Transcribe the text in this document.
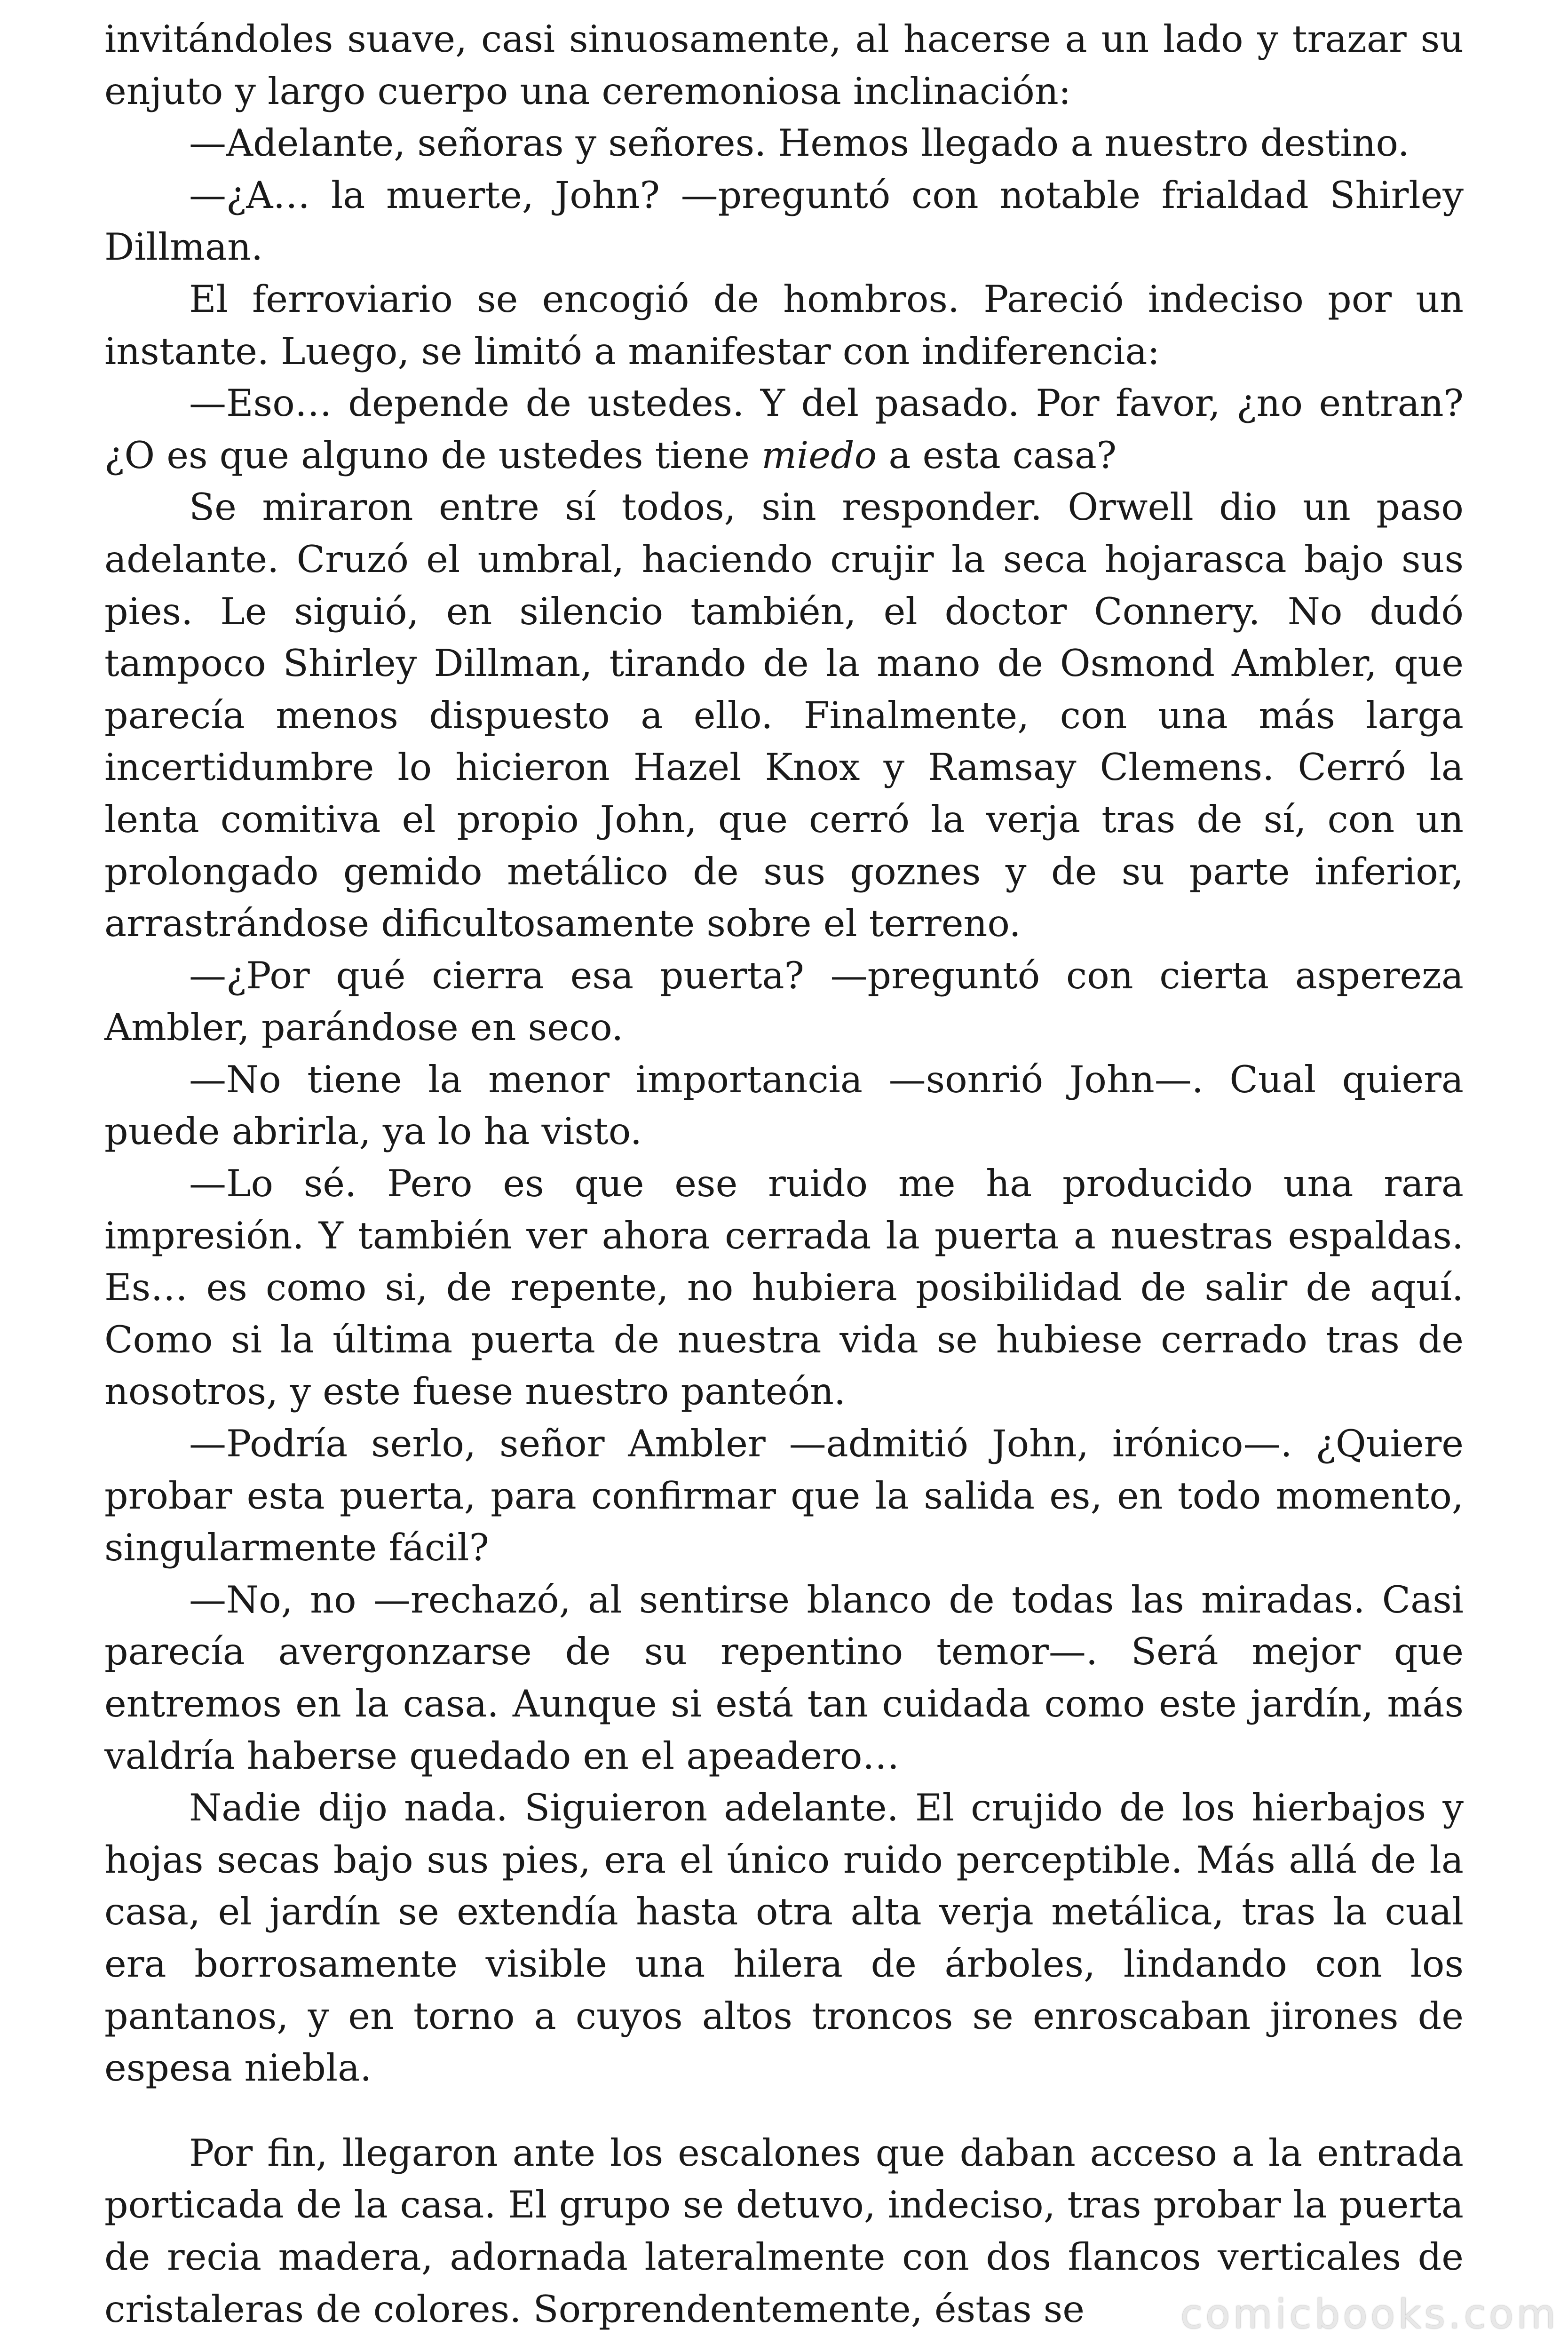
invitándoles suave, casi sinuosamente, al hacerse a un lado y trazar su enjuto y largo cuerpo una ceremoniosa inclinación:

—Adelante, señoras y señores. Hemos llegado a nuestro destino.

—¿A… la muerte, John? —preguntó con notable frialdad Shirley Dillman.

El ferroviario se encogió de hombros. Pareció indeciso por un instante. Luego, se limitó a manifestar con indiferencia:

—Eso… depende de ustedes. Y del pasado. Por favor, ¿no entran? ¿O es que alguno de ustedes tiene miedo a esta casa?

Se miraron entre sí todos, sin responder. Orwell dio un paso adelante. Cruzó el umbral, haciendo crujir la seca hojarasca bajo sus pies. Le siguió, en silencio también, el doctor Connery. No dudó tampoco Shirley Dillman, tirando de la mano de Osmond Ambler, que parecía menos dispuesto a ello. Finalmente, con una más larga incertidumbre lo hicieron Hazel Knox y Ramsay Clemens. Cerró la lenta comitiva el propio John, que cerró la verja tras de sí, con un prolongado gemido metálico de sus goznes y de su parte inferior, arrastrándose dificultosamente sobre el terreno.

—¿Por qué cierra esa puerta? —preguntó con cierta aspereza Ambler, parándose en seco.

—No tiene la menor importancia —sonrió John—. Cual quiera puede abrirla, ya lo ha visto.

—Lo sé. Pero es que ese ruido me ha producido una rara impresión. Y también ver ahora cerrada la puerta a nuestras espaldas. Es… es como si, de repente, no hubiera posibilidad de salir de aquí. Como si la última puerta de nuestra vida se hubiese cerrado tras de nosotros, y este fuese nuestro panteón.

—Podría serlo, señor Ambler —admitió John, irónico—. ¿Quiere probar esta puerta, para confirmar que la salida es, en todo momento, singularmente fácil?

—No, no —rechazó, al sentirse blanco de todas las miradas. Casi parecía avergonzarse de su repentino temor—. Será mejor que entremos en la casa. Aunque si está tan cuidada como este jardín, más valdría haberse quedado en el apeadero…

Nadie dijo nada. Siguieron adelante. El crujido de los hierbajos y hojas secas bajo sus pies, era el único ruido perceptible. Más allá de la casa, el jardín se extendía hasta otra alta verja metálica, tras la cual era borrosamente visible una hilera de árboles, lindando con los pantanos, y en torno a cuyos altos troncos se enroscaban jirones de espesa niebla.

Por fin, llegaron ante los escalones que daban acceso a la entrada porticada de la casa. El grupo se detuvo, indeciso, tras probar la puerta de recia madera, adornada lateralmente con dos flancos verticales de cristaleras de colores. Sorprendentemente, éstas se	comicbooks.com
